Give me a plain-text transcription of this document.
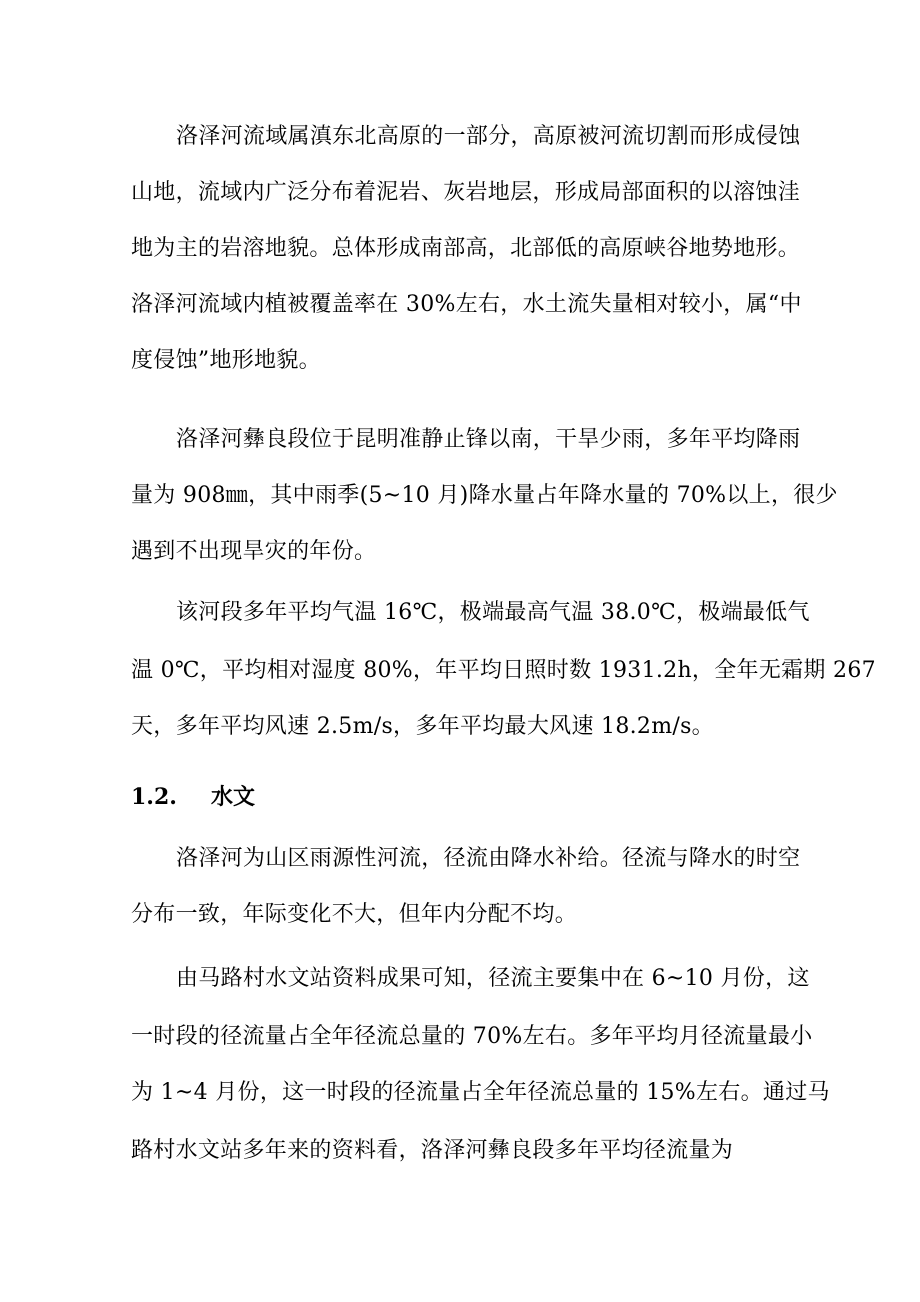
洛泽河流域属滇东北高原的一部分，高原被河流切割而形成侵蚀
山地，流域内广泛分布着泥岩、灰岩地层，形成局部面积的以溶蚀洼
地为主的岩溶地貌。总体形成南部高，北部低的高原峡谷地势地形。
洛泽河流域内植被覆盖率在 30%左右，水土流失量相对较小，属“中
度侵蚀”地形地貌。
洛泽河彝良段位于昆明准静止锋以南，干旱少雨，多年平均降雨
量为 908㎜，其中雨季(5~10 月)降水量占年降水量的 70%以上，很少
遇到不出现旱灾的年份。
该河段多年平均气温 16℃，极端最高气温 38.0℃，极端最低气
温 0℃，平均相对湿度 80%，年平均日照时数 1931.2h，全年无霜期 267
天，多年平均风速 2.5m/s，多年平均最大风速 18.2m/s。
1.2. 水文
洛泽河为山区雨源性河流，径流由降水补给。径流与降水的时空
分布一致，年际变化不大，但年内分配不均。
由马路村水文站资料成果可知，径流主要集中在 6~10 月份，这
一时段的径流量占全年径流总量的 70%左右。多年平均月径流量最小
为 1~4 月份，这一时段的径流量占全年径流总量的 15%左右。通过马
路村水文站多年来的资料看，洛泽河彝良段多年平均径流量为
